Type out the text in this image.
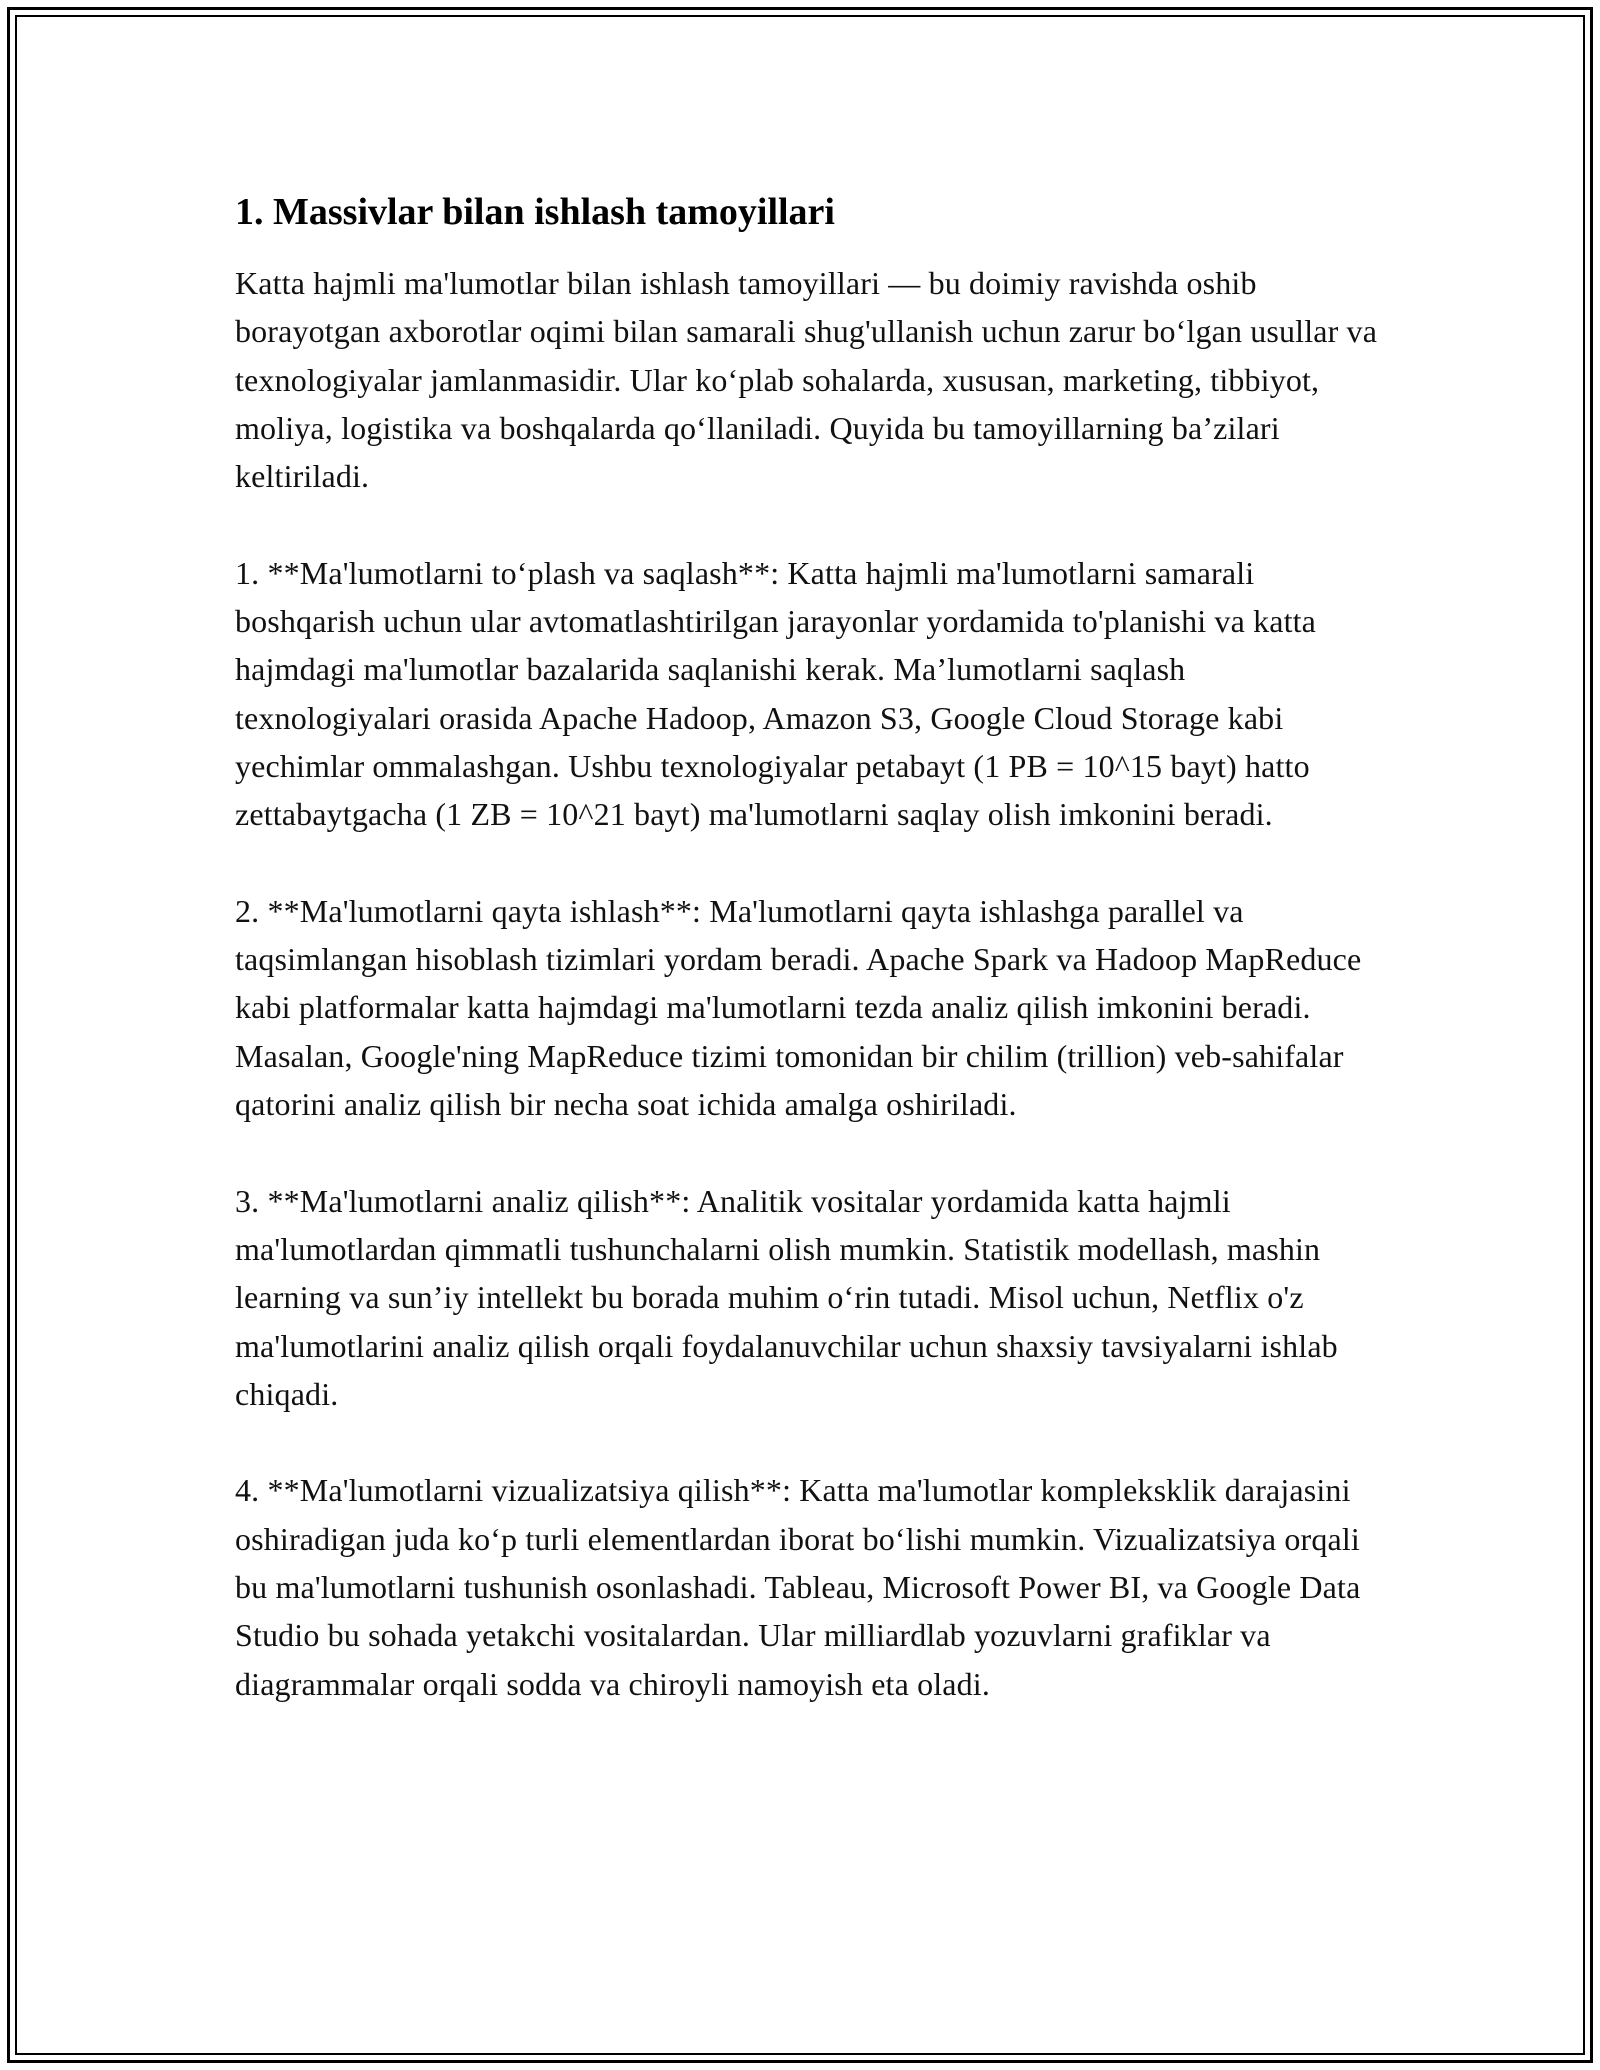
1. Massivlar bilan ishlash tamoyillari

Katta hajmli ma'lumotlar bilan ishlash tamoyillari — bu doimiy ravishda oshib borayotgan axborotlar oqimi bilan samarali shug'ullanish uchun zarur bo‘lgan usullar va texnologiyalar jamlanmasidir. Ular ko‘plab sohalarda, xususan, marketing, tibbiyot, moliya, logistika va boshqalarda qo‘llaniladi. Quyida bu tamoyillarning ba’zilari keltiriladi.

1. **Ma'lumotlarni to‘plash va saqlash**: Katta hajmli ma'lumotlarni samarali boshqarish uchun ular avtomatlashtirilgan jarayonlar yordamida to'planishi va katta hajmdagi ma'lumotlar bazalarida saqlanishi kerak. Ma’lumotlarni saqlash texnologiyalari orasida Apache Hadoop, Amazon S3, Google Cloud Storage kabi yechimlar ommalashgan. Ushbu texnologiyalar petabayt (1 PB = 10^15 bayt) hatto zettabaytgacha (1 ZB = 10^21 bayt) ma'lumotlarni saqlay olish imkonini beradi.

2. **Ma'lumotlarni qayta ishlash**: Ma'lumotlarni qayta ishlashga parallel va taqsimlangan hisoblash tizimlari yordam beradi. Apache Spark va Hadoop MapReduce kabi platformalar katta hajmdagi ma'lumotlarni tezda analiz qilish imkonini beradi. Masalan, Google'ning MapReduce tizimi tomonidan bir chilim (trillion) veb-sahifalar qatorini analiz qilish bir necha soat ichida amalga oshiriladi.

3. **Ma'lumotlarni analiz qilish**: Analitik vositalar yordamida katta hajmli ma'lumotlardan qimmatli tushunchalarni olish mumkin. Statistik modellash, mashin learning va sun’iy intellekt bu borada muhim o‘rin tutadi. Misol uchun, Netflix o'z ma'lumotlarini analiz qilish orqali foydalanuvchilar uchun shaxsiy tavsiyalarni ishlab chiqadi.

4. **Ma'lumotlarni vizualizatsiya qilish**: Katta ma'lumotlar kompleksklik darajasini oshiradigan juda ko‘p turli elementlardan iborat bo‘lishi mumkin. Vizualizatsiya orqali bu ma'lumotlarni tushunish osonlashadi. Tableau, Microsoft Power BI, va Google Data Studio bu sohada yetakchi vositalardan. Ular milliardlab yozuvlarni grafiklar va diagrammalar orqali sodda va chiroyli namoyish eta oladi.
